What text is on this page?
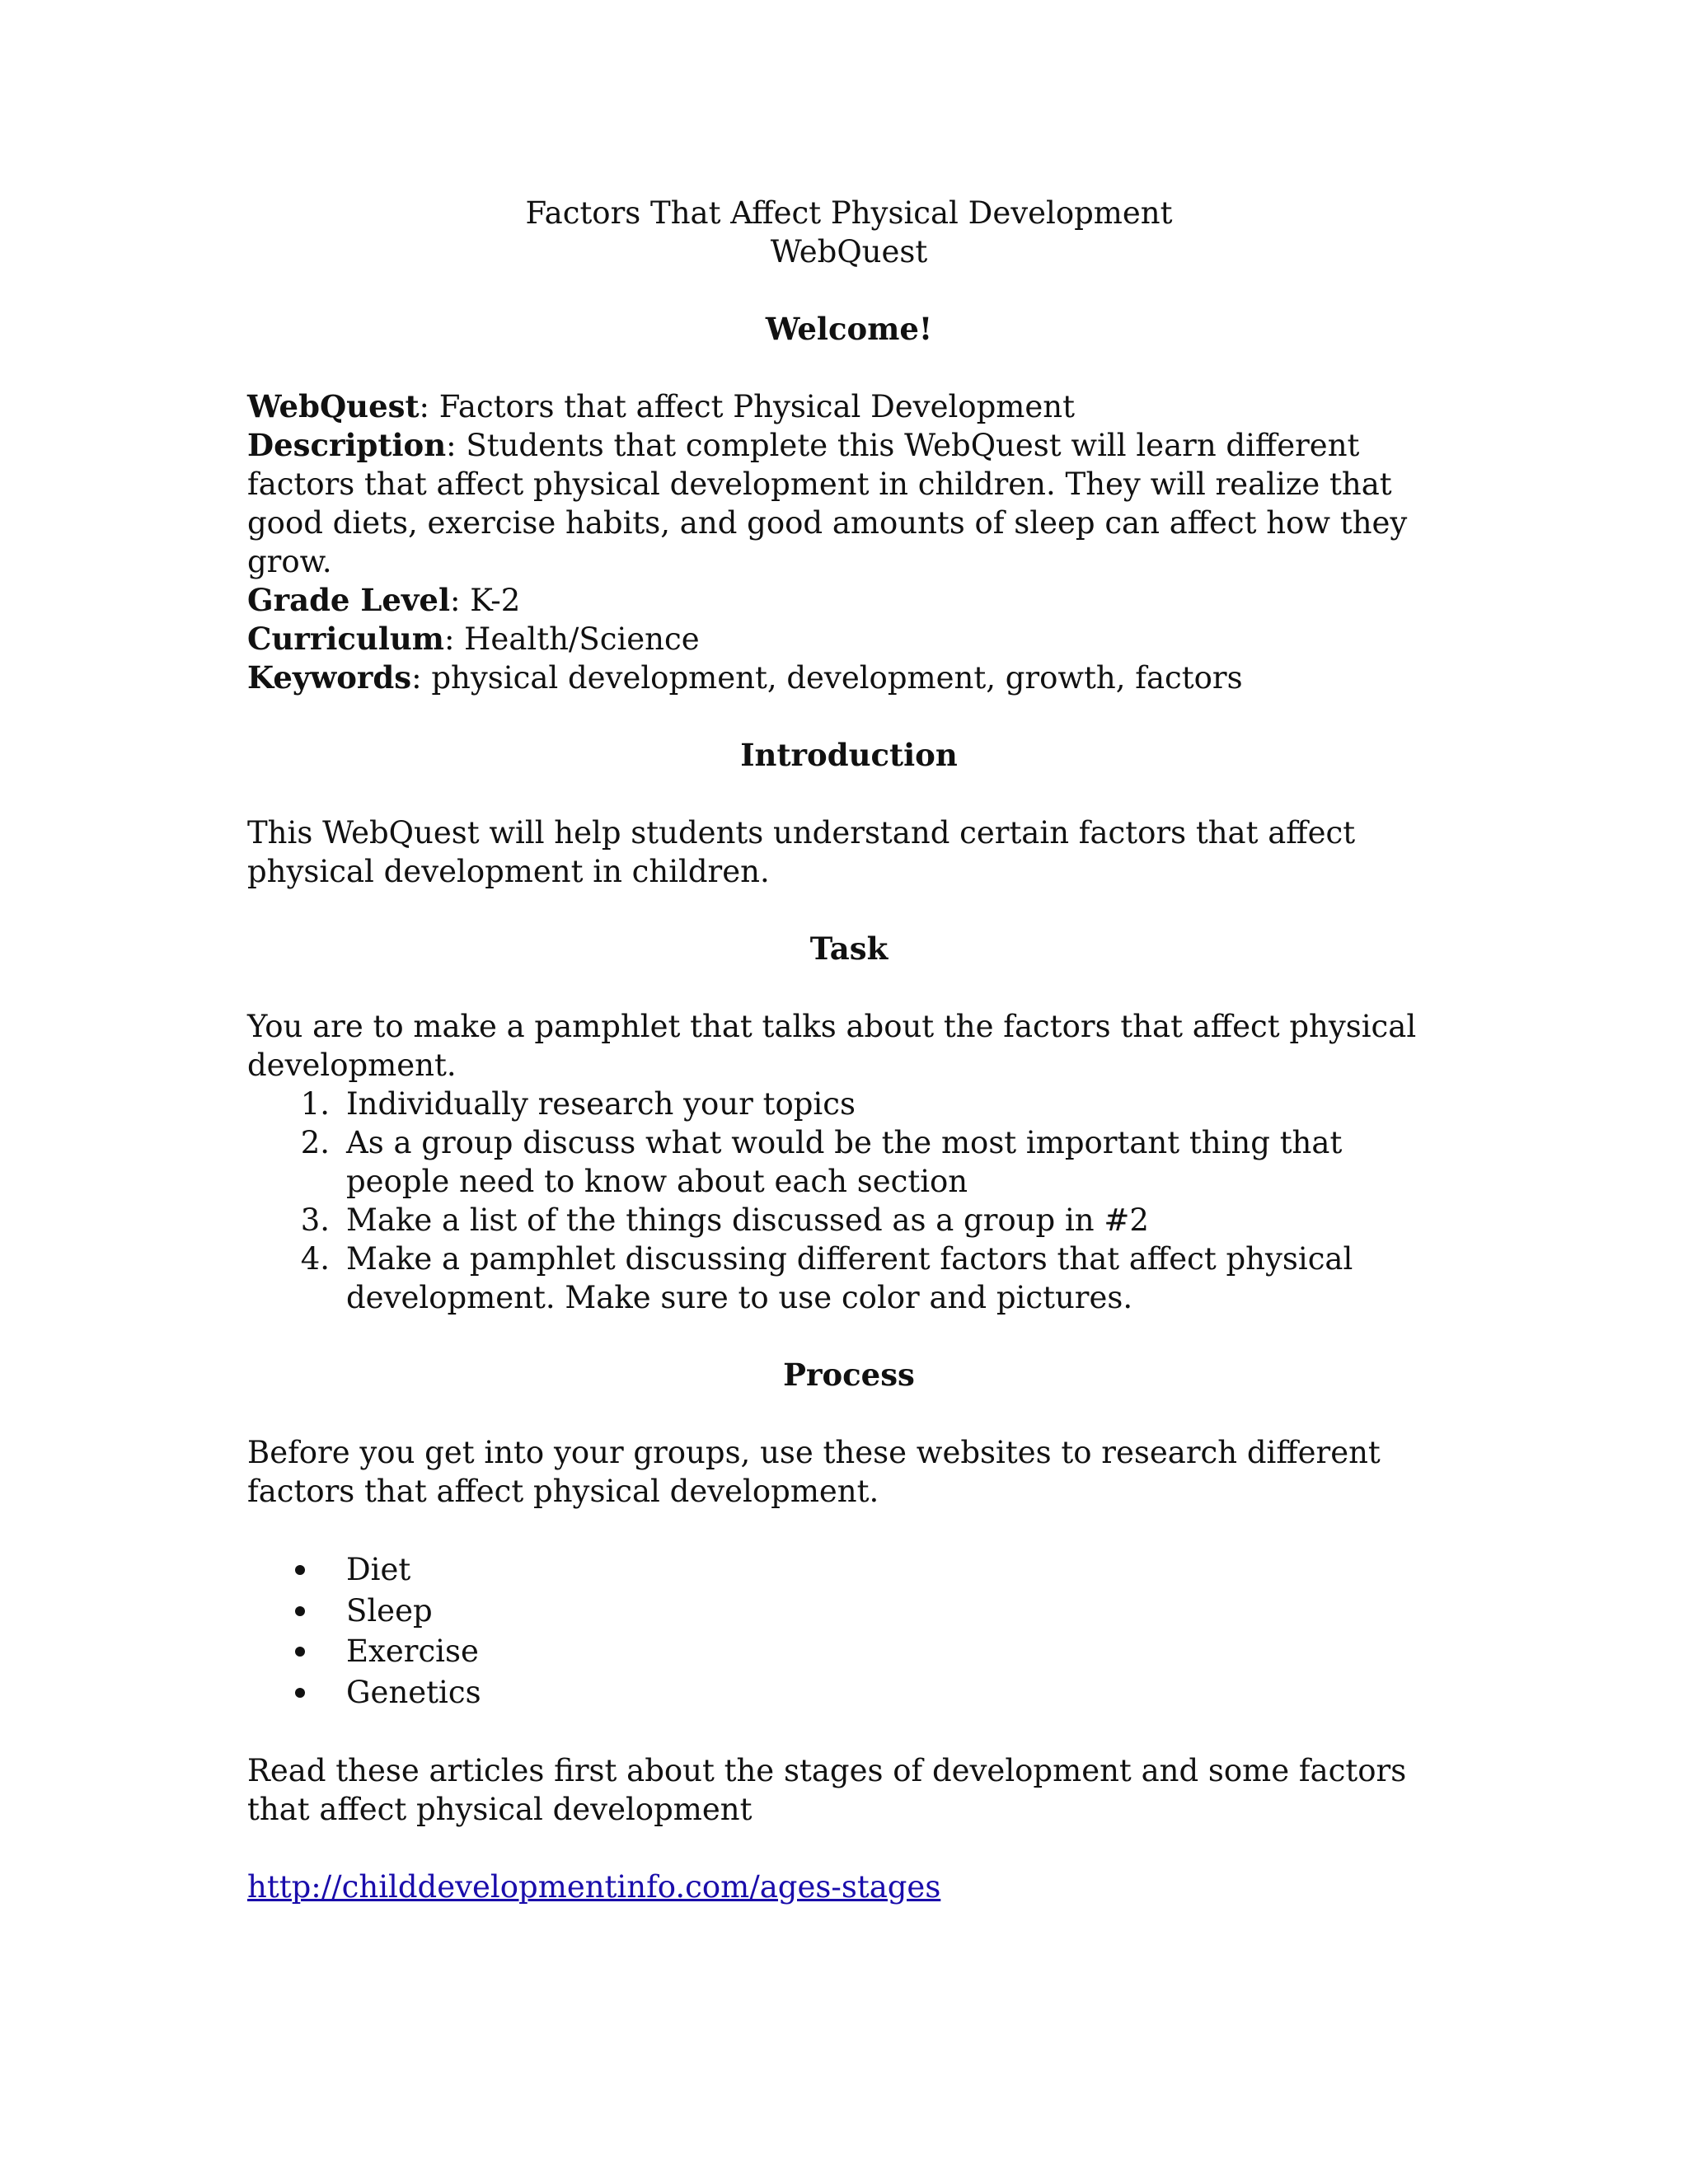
Factors That Affect Physical Development
WebQuest

Welcome!

WebQuest: Factors that affect Physical Development
Description: Students that complete this WebQuest will learn different factors that affect physical development in children. They will realize that good diets, exercise habits, and good amounts of sleep can affect how they grow.
Grade Level: K-2
Curriculum: Health/Science
Keywords: physical development, development, growth, factors

Introduction

This WebQuest will help students understand certain factors that affect physical development in children.

Task

You are to make a pamphlet that talks about the factors that affect physical development.

1. Individually research your topics
2. As a group discuss what would be the most important thing that people need to know about each section
3. Make a list of the things discussed as a group in #2
4. Make a pamphlet discussing different factors that affect physical development. Make sure to use color and pictures.

Process

Before you get into your groups, use these websites to research different factors that affect physical development.

Diet
Sleep
Exercise
Genetics

Read these articles first about the stages of development and some factors that affect physical development

http://childdevelopmentinfo.com/ages-stages
